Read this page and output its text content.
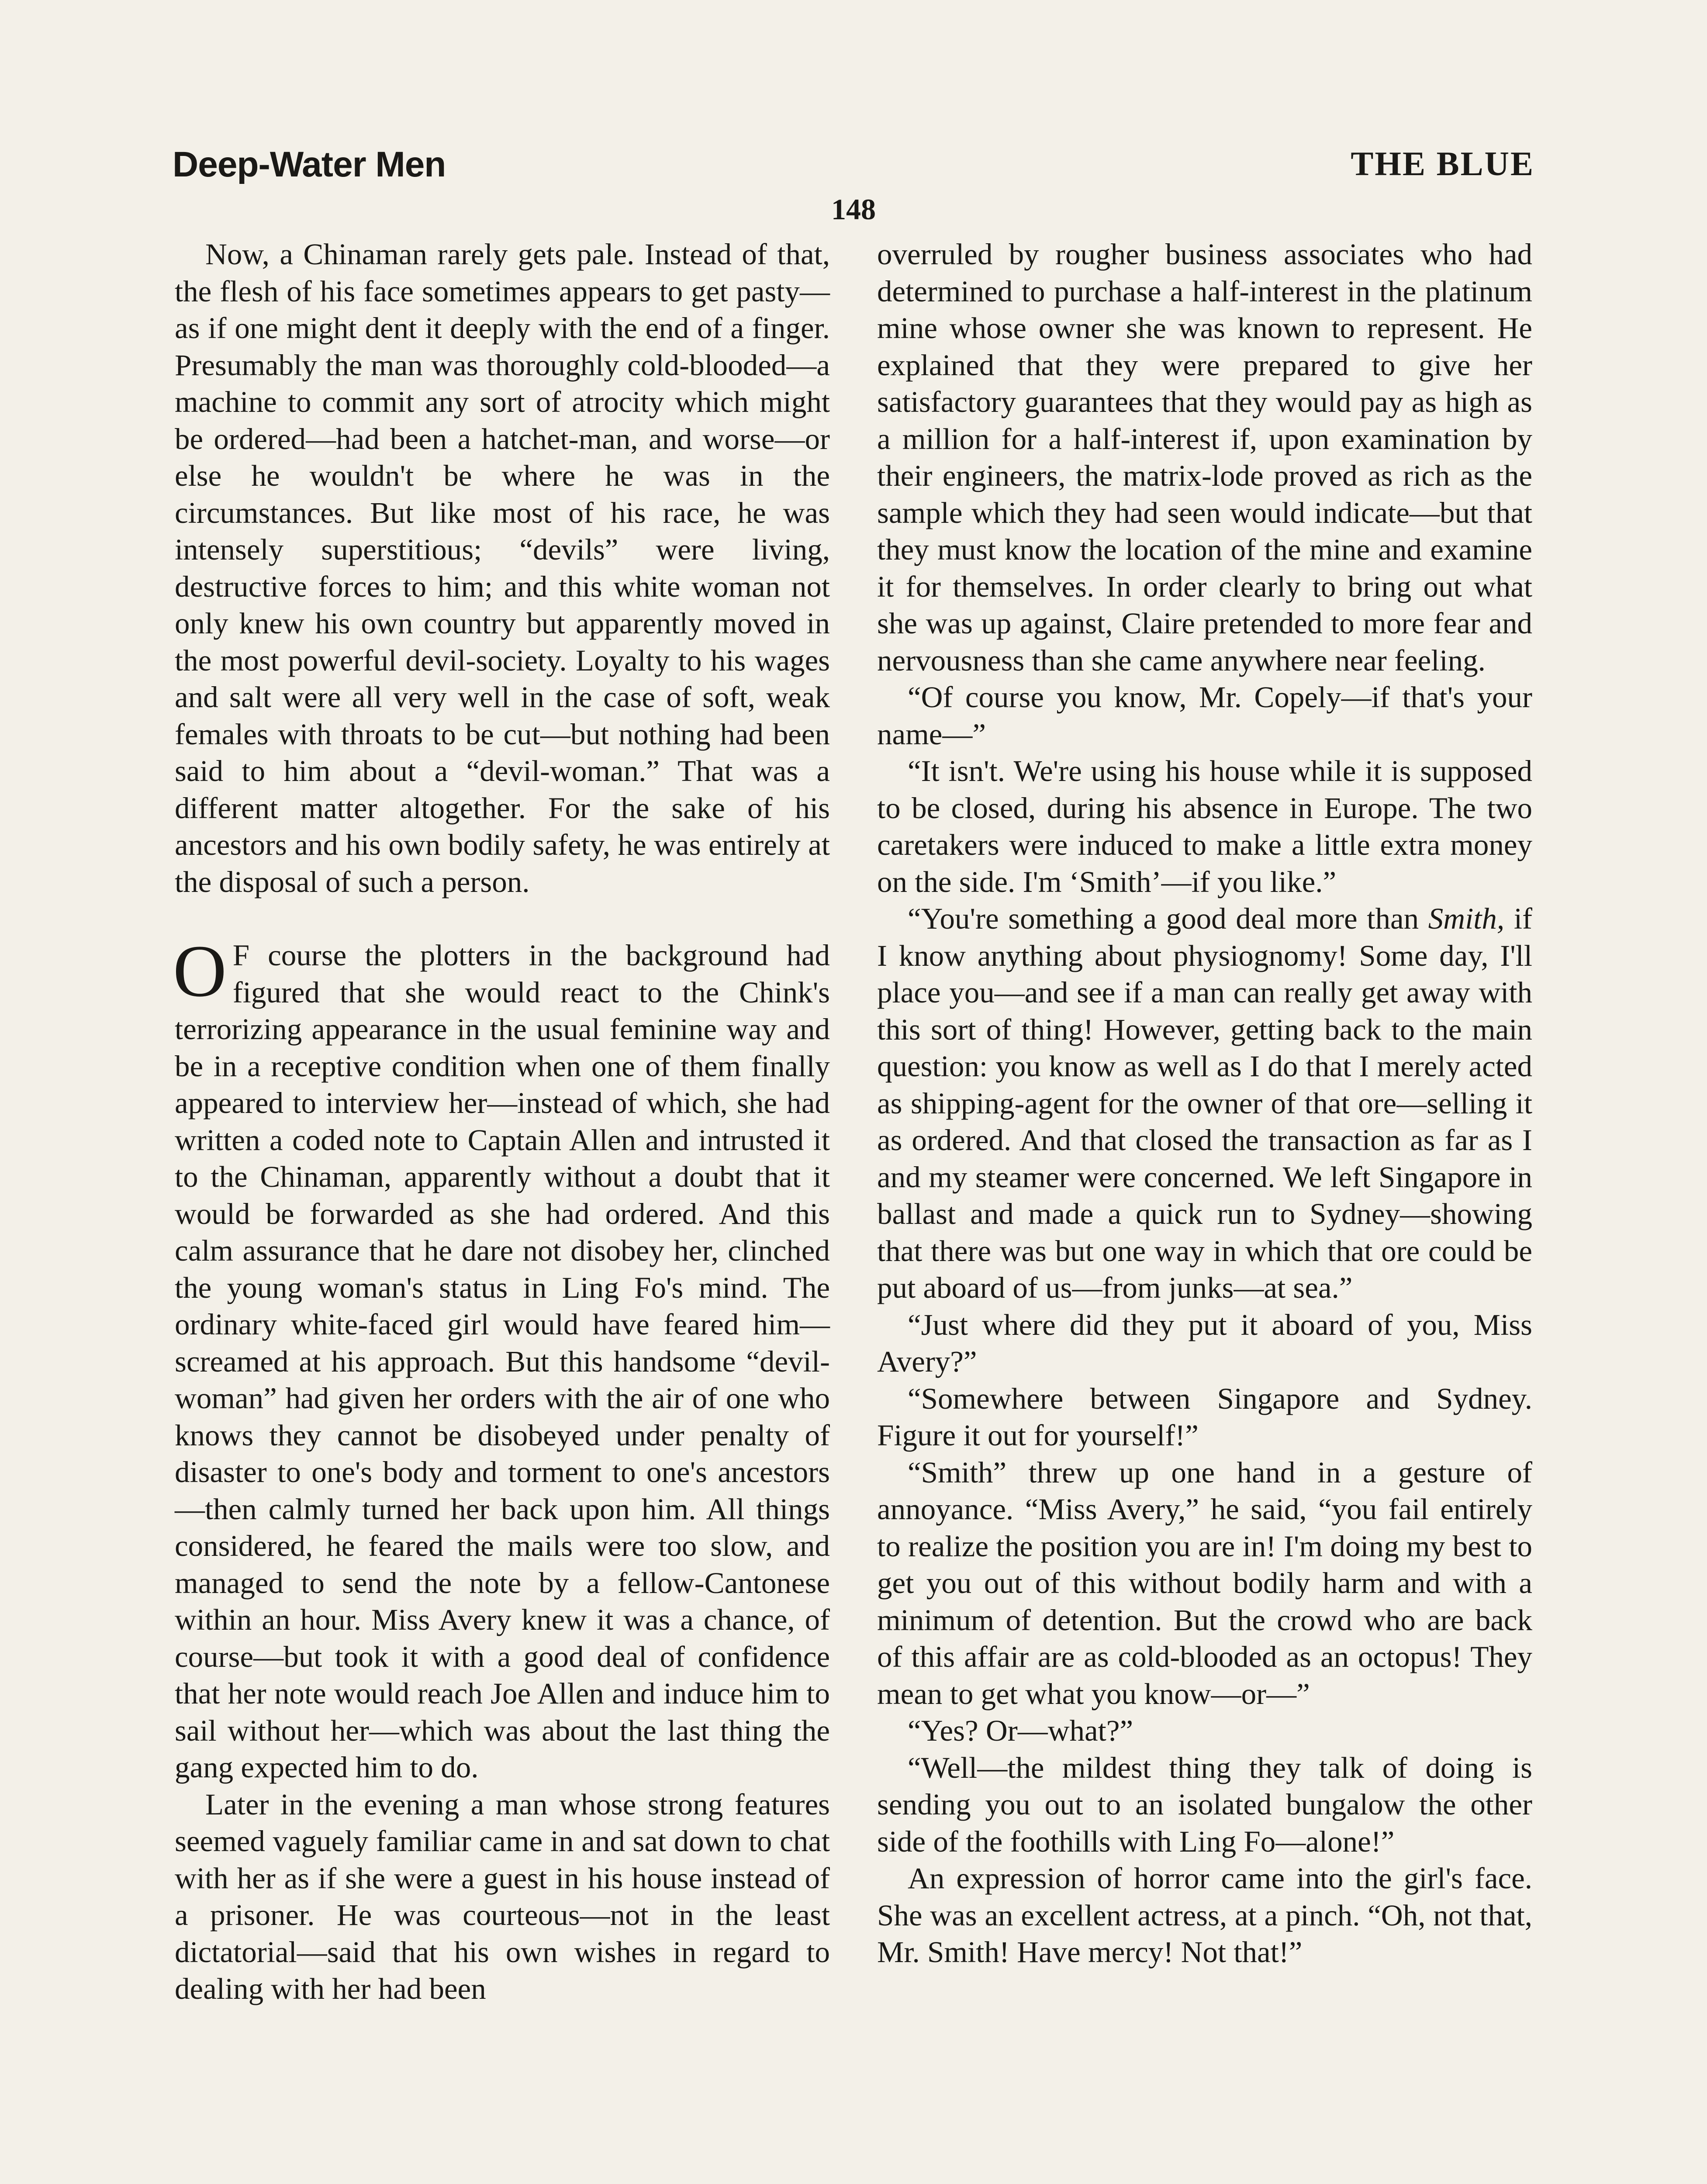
Deep-Water Men	THE BLUE
148

Now, a Chinaman rarely gets pale. Instead of that, the flesh of his face sometimes appears to get pasty—as if one might dent it deeply with the end of a finger. Presumably the man was thoroughly cold-blooded—a machine to commit any sort of atrocity which might be ordered—had been a hatchet-man, and worse—or else he wouldn't be where he was in the circumstances. But like most of his race, he was intensely superstitious; “devils” were living, destructive forces to him; and this white woman not only knew his own country but apparently moved in the most powerful devil-society. Loyalty to his wages and salt were all very well in the case of soft, weak females with throats to be cut—but nothing had been said to him about a “devil-woman.” That was a different matter altogether. For the sake of his ancestors and his own bodily safety, he was entirely at the disposal of such a person.

O F course the plotters in the background had figured that she would react to the Chink's terrorizing appearance in the usual feminine way and be in a receptive condition when one of them finally appeared to interview her—instead of which, she had written a coded note to Captain Allen and intrusted it to the Chinaman, apparently without a doubt that it would be forwarded as she had ordered. And this calm assurance that he dare not disobey her, clinched the young woman's status in Ling Fo's mind. The ordinary white-faced girl would have feared him—screamed at his approach. But this handsome “devil-woman” had given her orders with the air of one who knows they cannot be disobeyed under penalty of disaster to one's body and torment to one's ancestors—then calmly turned her back upon him. All things considered, he feared the mails were too slow, and managed to send the note by a fellow-Cantonese within an hour. Miss Avery knew it was a chance, of course—but took it with a good deal of confidence that her note would reach Joe Allen and induce him to sail without her—which was about the last thing the gang expected him to do.

Later in the evening a man whose strong features seemed vaguely familiar came in and sat down to chat with her as if she were a guest in his house instead of a prisoner. He was courteous—not in the least dictatorial—said that his own wishes in regard to dealing with her had been

overruled by rougher business associates who had determined to purchase a half-interest in the platinum mine whose owner she was known to represent. He explained that they were prepared to give her satisfactory guarantees that they would pay as high as a million for a half-interest if, upon examination by their engineers, the matrix-lode proved as rich as the sample which they had seen would indicate—but that they must know the location of the mine and examine it for themselves. In order clearly to bring out what she was up against, Claire pretended to more fear and nervousness than she came anywhere near feeling.

“Of course you know, Mr. Copely—if that's your name—”

“It isn't. We're using his house while it is supposed to be closed, during his absence in Europe. The two caretakers were induced to make a little extra money on the side. I'm ‘Smith’—if you like.”

“You're something a good deal more than Smith, if I know anything about physiognomy! Some day, I'll place you—and see if a man can really get away with this sort of thing! However, getting back to the main question: you know as well as I do that I merely acted as shipping-agent for the owner of that ore—selling it as ordered. And that closed the transaction as far as I and my steamer were concerned. We left Singapore in ballast and made a quick run to Sydney—showing that there was but one way in which that ore could be put aboard of us—from junks—at sea.”

“Just where did they put it aboard of you, Miss Avery?”

“Somewhere between Singapore and Sydney. Figure it out for yourself!”

“Smith” threw up one hand in a gesture of annoyance. “Miss Avery,” he said, “you fail entirely to realize the position you are in! I'm doing my best to get you out of this without bodily harm and with a minimum of detention. But the crowd who are back of this affair are as cold-blooded as an octopus! They mean to get what you know—or—”

“Yes? Or—what?”

“Well—the mildest thing they talk of doing is sending you out to an isolated bungalow the other side of the foothills with Ling Fo—alone!”

An expression of horror came into the girl's face. She was an excellent actress, at a pinch. “Oh, not that, Mr. Smith! Have mercy! Not that!”
